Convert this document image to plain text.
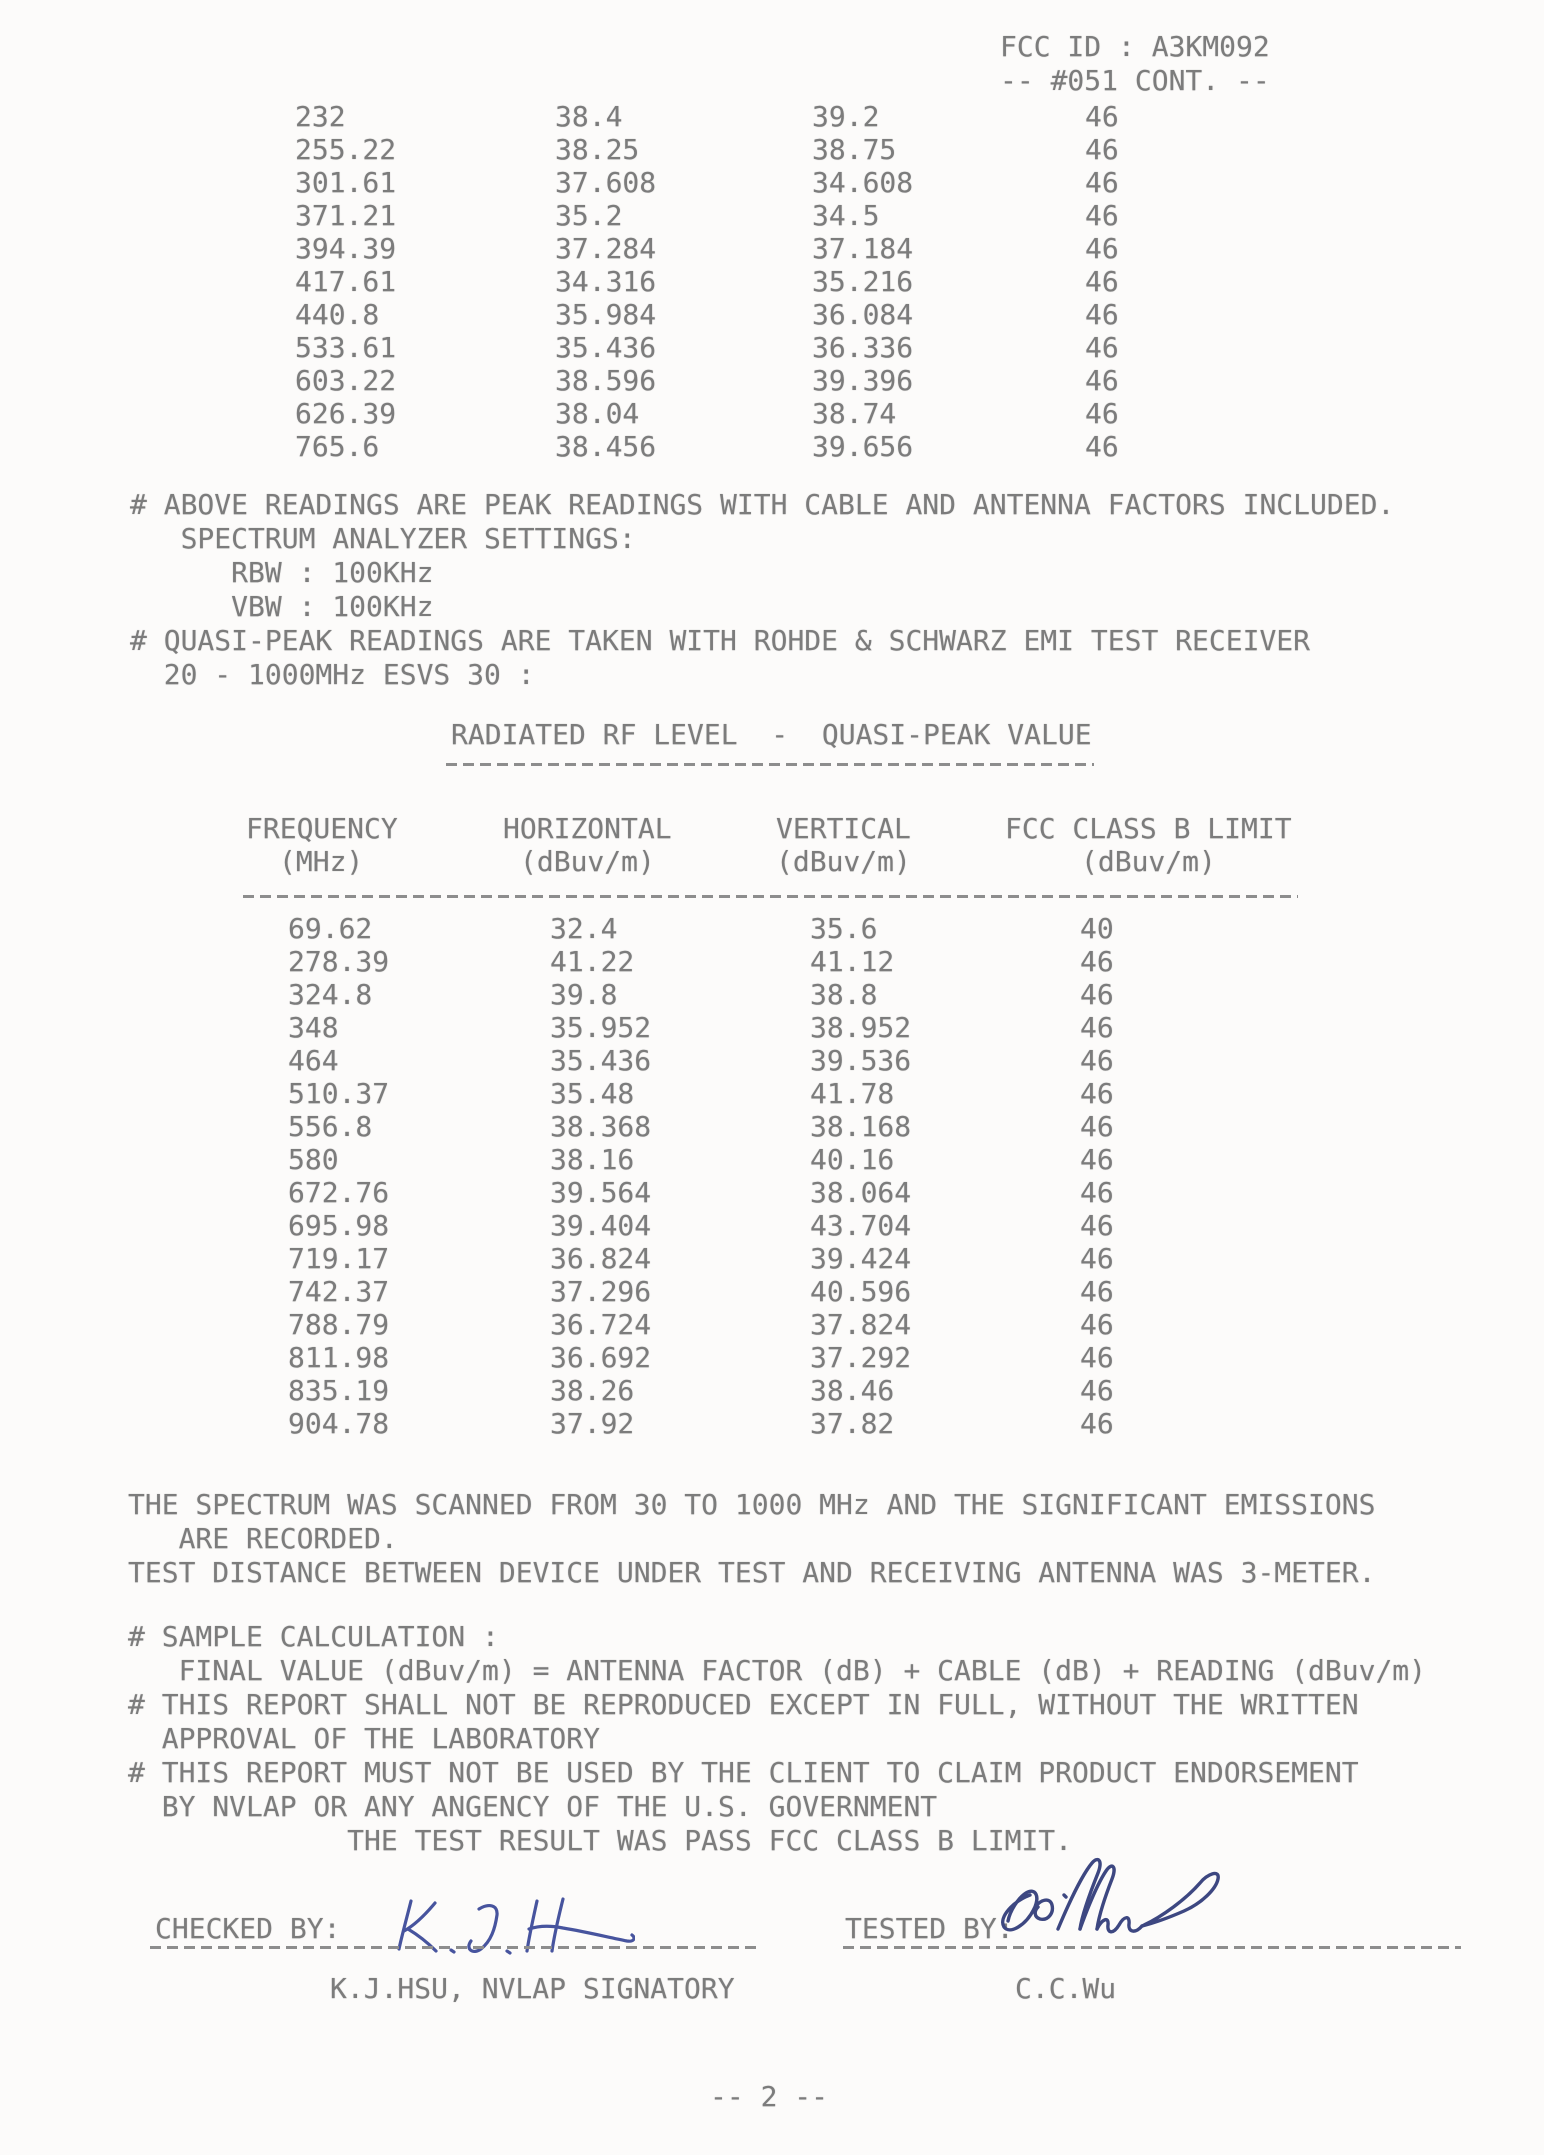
FCC ID : A3KM092
-- #051 CONT. --
232	38.4	39.2	46
255.22	38.25	38.75	46
301.61	37.608	34.608	46
371.21	35.2	34.5	46
394.39	37.284	37.184	46
417.61	34.316	35.216	46
440.8	35.984	36.084	46
533.61	35.436	36.336	46
603.22	38.596	39.396	46
626.39	38.04	38.74	46
765.6	38.456	39.656	46
# ABOVE READINGS ARE PEAK READINGS WITH CABLE AND ANTENNA FACTORS INCLUDED.
SPECTRUM ANALYZER SETTINGS:
RBW : 100KHz
VBW : 100KHz
# QUASI-PEAK READINGS ARE TAKEN WITH ROHDE & SCHWARZ EMI TEST RECEIVER
20 - 1000MHz ESVS 30 :
RADIATED RF LEVEL  -  QUASI-PEAK VALUE
FREQUENCY	HORIZONTAL	VERTICAL	FCC CLASS B LIMIT
(MHz)	(dBuv/m)	(dBuv/m)	(dBuv/m)
69.62	32.4	35.6	40
278.39	41.22	41.12	46
324.8	39.8	38.8	46
348	35.952	38.952	46
464	35.436	39.536	46
510.37	35.48	41.78	46
556.8	38.368	38.168	46
580	38.16	40.16	46
672.76	39.564	38.064	46
695.98	39.404	43.704	46
719.17	36.824	39.424	46
742.37	37.296	40.596	46
788.79	36.724	37.824	46
811.98	36.692	37.292	46
835.19	38.26	38.46	46
904.78	37.92	37.82	46
THE SPECTRUM WAS SCANNED FROM 30 TO 1000 MHz AND THE SIGNIFICANT EMISSIONS
ARE RECORDED.
TEST DISTANCE BETWEEN DEVICE UNDER TEST AND RECEIVING ANTENNA WAS 3-METER.
# SAMPLE CALCULATION :
FINAL VALUE (dBuv/m) = ANTENNA FACTOR (dB) + CABLE (dB) + READING (dBuv/m)
# THIS REPORT SHALL NOT BE REPRODUCED EXCEPT IN FULL, WITHOUT THE WRITTEN
APPROVAL OF THE LABORATORY
# THIS REPORT MUST NOT BE USED BY THE CLIENT TO CLAIM PRODUCT ENDORSEMENT
BY NVLAP OR ANY ANGENCY OF THE U.S. GOVERNMENT
THE TEST RESULT WAS PASS FCC CLASS B LIMIT.
CHECKED BY:
K.J.HSU, NVLAP SIGNATORY
TESTED BY:
C.C.Wu
-- 2 --
